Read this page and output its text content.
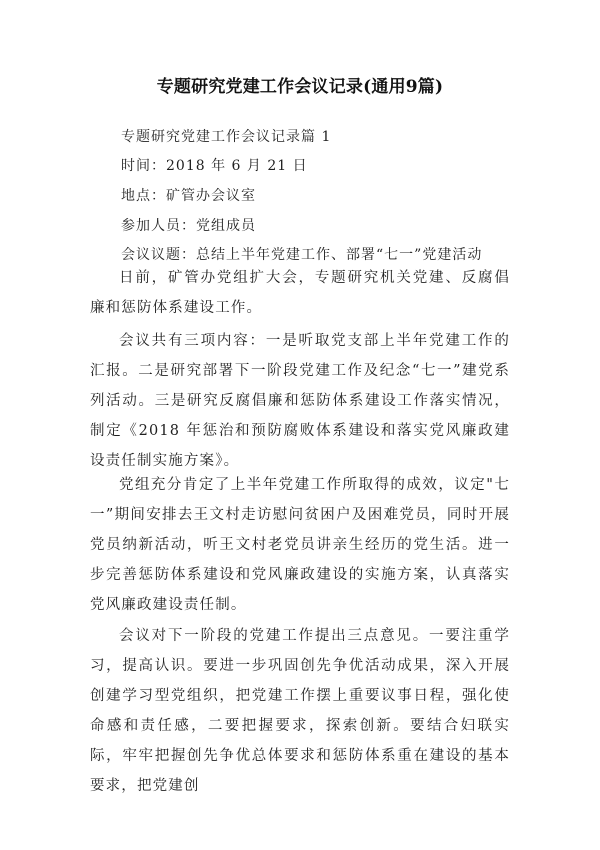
专题研究党建工作会议记录(通用9篇)
专题研究党建工作会议记录篇 1
时间：2018 年 6 月 21 日
地点：矿管办会议室
参加人员：党组成员
会议议题：总结上半年党建工作、部署“七一”党建活动

日前，矿管办党组扩大会，专题研究机关党建、反腐倡廉和惩防体系建设工作。

会议共有三项内容：一是听取党支部上半年党建工作的汇报。二是研究部署下一阶段党建工作及纪念“七一”建党系列活动。三是研究反腐倡廉和惩防体系建设工作落实情况，制定《2018 年惩治和预防腐败体系建设和落实党风廉政建设责任制实施方案》。

党组充分肯定了上半年党建工作所取得的成效，议定"七一”期间安排去王文村走访慰问贫困户及困难党员，同时开展党员纳新活动，听王文村老党员讲亲生经历的党生活。进一步完善惩防体系建设和党风廉政建设的实施方案，认真落实党风廉政建设责任制。

会议对下一阶段的党建工作提出三点意见。一要注重学习，提高认识。要进一步巩固创先争优活动成果，深入开展创建学习型党组织，把党建工作摆上重要议事日程，强化使命感和责任感，二要把握要求，探索创新。要结合妇联实际，牢牢把握创先争优总体要求和惩防体系重在建设的基本要求，把党建创
